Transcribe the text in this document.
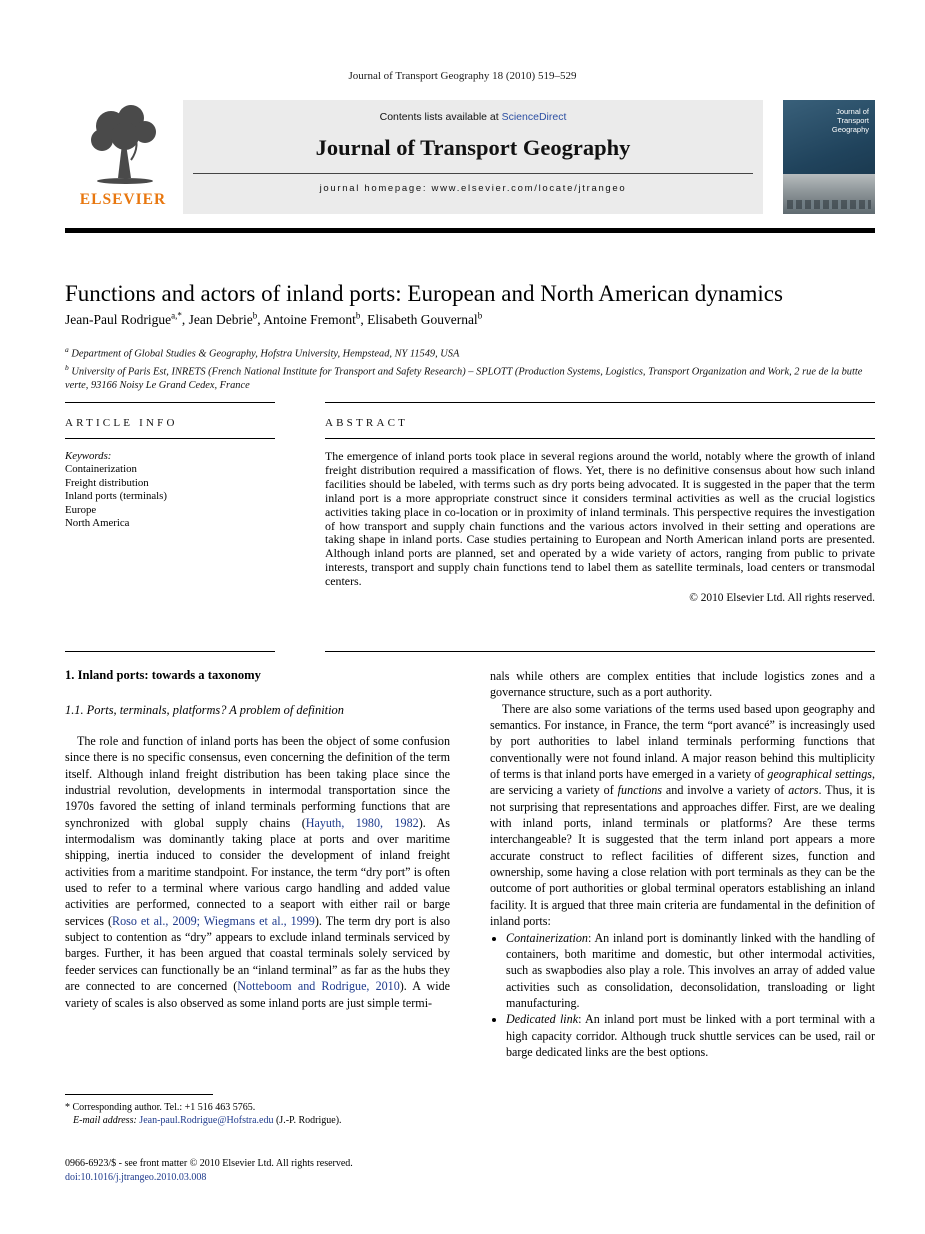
Journal of Transport Geography 18 (2010) 519–529
ELSEVIER
Contents lists available at ScienceDirect
Journal of Transport Geography
journal homepage: www.elsevier.com/locate/jtrangeo
Journal of
Transport
Geography
Functions and actors of inland ports: European and North American dynamics
Jean-Paul Rodrigue$^{a,*}$, Jean Debrie$^b$, Antoine Fremont$^b$, Elisabeth Gouvernal$^b$
$^a$ Department of Global Studies & Geography, Hofstra University, Hempstead, NY 11549, USA
$^b$ University of Paris Est, INRETS (French National Institute for Transport and Safety Research) – SPLOTT (Production Systems, Logistics, Transport Organization and Work, 2 rue de la butte verte, 93166 Noisy Le Grand Cedex, France
ARTICLE INFO
Keywords:
Containerization
Freight distribution
Inland ports (terminals)
Europe
North America
ABSTRACT
The emergence of inland ports took place in several regions around the world, notably where the growth of inland freight distribution required a massification of flows. Yet, there is no definitive consensus about how such inland facilities should be labeled, with terms such as dry ports being advocated. It is suggested in the paper that the term inland port is a more appropriate construct since it considers terminal activities as well as the crucial logistics activities taking place in co-location or in proximity of inland terminals. This perspective requires the investigation of how transport and supply chain functions and the various actors involved in their setting and operations are taking shape in inland ports. Case studies pertaining to European and North American inland ports are presented. Although inland ports are planned, set and operated by a wide variety of actors, ranging from public to private interests, transport and supply chain functions tend to label them as satellite terminals, load centers or transmodal centers.
© 2010 Elsevier Ltd. All rights reserved.
1. Inland ports: towards a taxonomy
1.1. Ports, terminals, platforms? A problem of definition

The role and function of inland ports has been the object of some confusion since there is no specific consensus, even concerning the definition of the term itself. Although inland freight distribution has been taking place since the industrial revolution, developments in intermodal transportation since the 1970s favored the setting of inland terminals performing functions that are synchronized with global supply chains (Hayuth, 1980, 1982). As intermodalism was dominantly taking place at ports and over maritime shipping, inertia induced to consider the development of inland freight activities from a maritime standpoint. For instance, the term “dry port” is often used to refer to a terminal where various cargo handling and added value activities are performed, connected to a seaport with either rail or barge services (Roso et al., 2009; Wiegmans et al., 1999). The term dry port is also subject to contention as “dry” appears to exclude inland terminals serviced by barges. Further, it has been argued that coastal terminals solely serviced by feeder services can functionally be an “inland terminal” as far as the hubs they are connected to are concerned (Notteboom and Rodrigue, 2010). A wide variety of scales is also observed as some inland ports are just simple termi-

nals while others are complex entities that include logistics zones and a governance structure, such as a port authority.

There are also some variations of the terms used based upon geography and semantics. For instance, in France, the term “port avancé” is increasingly used by port authorities to label inland terminals performing functions that conventionally were not found inland. A major reason behind this multiplicity of terms is that inland ports have emerged in a variety of geographical settings, are servicing a variety of functions and involve a variety of actors. Thus, it is not surprising that representations and approaches differ. First, are we dealing with inland ports, inland terminals or platforms? Are these terms interchangeable? It is suggested that the term inland port appears a more accurate construct to reflect facilities of different sizes, function and ownership, some having a close relation with port terminals as they can be the outcome of port authorities or global terminal operators establishing an inland facility. It is argued that three main criteria are fundamental in the definition of inland ports:

• Containerization: An inland port is dominantly linked with the handling of containers, both maritime and domestic, but other intermodal activities, such as swapbodies also play a role. This involves an array of added value activities such as consolidation, deconsolidation, transloading or light manufacturing.
• Dedicated link: An inland port must be linked with a port terminal with a high capacity corridor. Although truck shuttle services can be used, rail or barge dedicated links are the best options.
* Corresponding author. Tel.: +1 516 463 5765.
E-mail address: Jean-paul.Rodrigue@Hofstra.edu (J.-P. Rodrigue).
0966-6923/$ - see front matter © 2010 Elsevier Ltd. All rights reserved.
doi:10.1016/j.jtrangeo.2010.03.008
